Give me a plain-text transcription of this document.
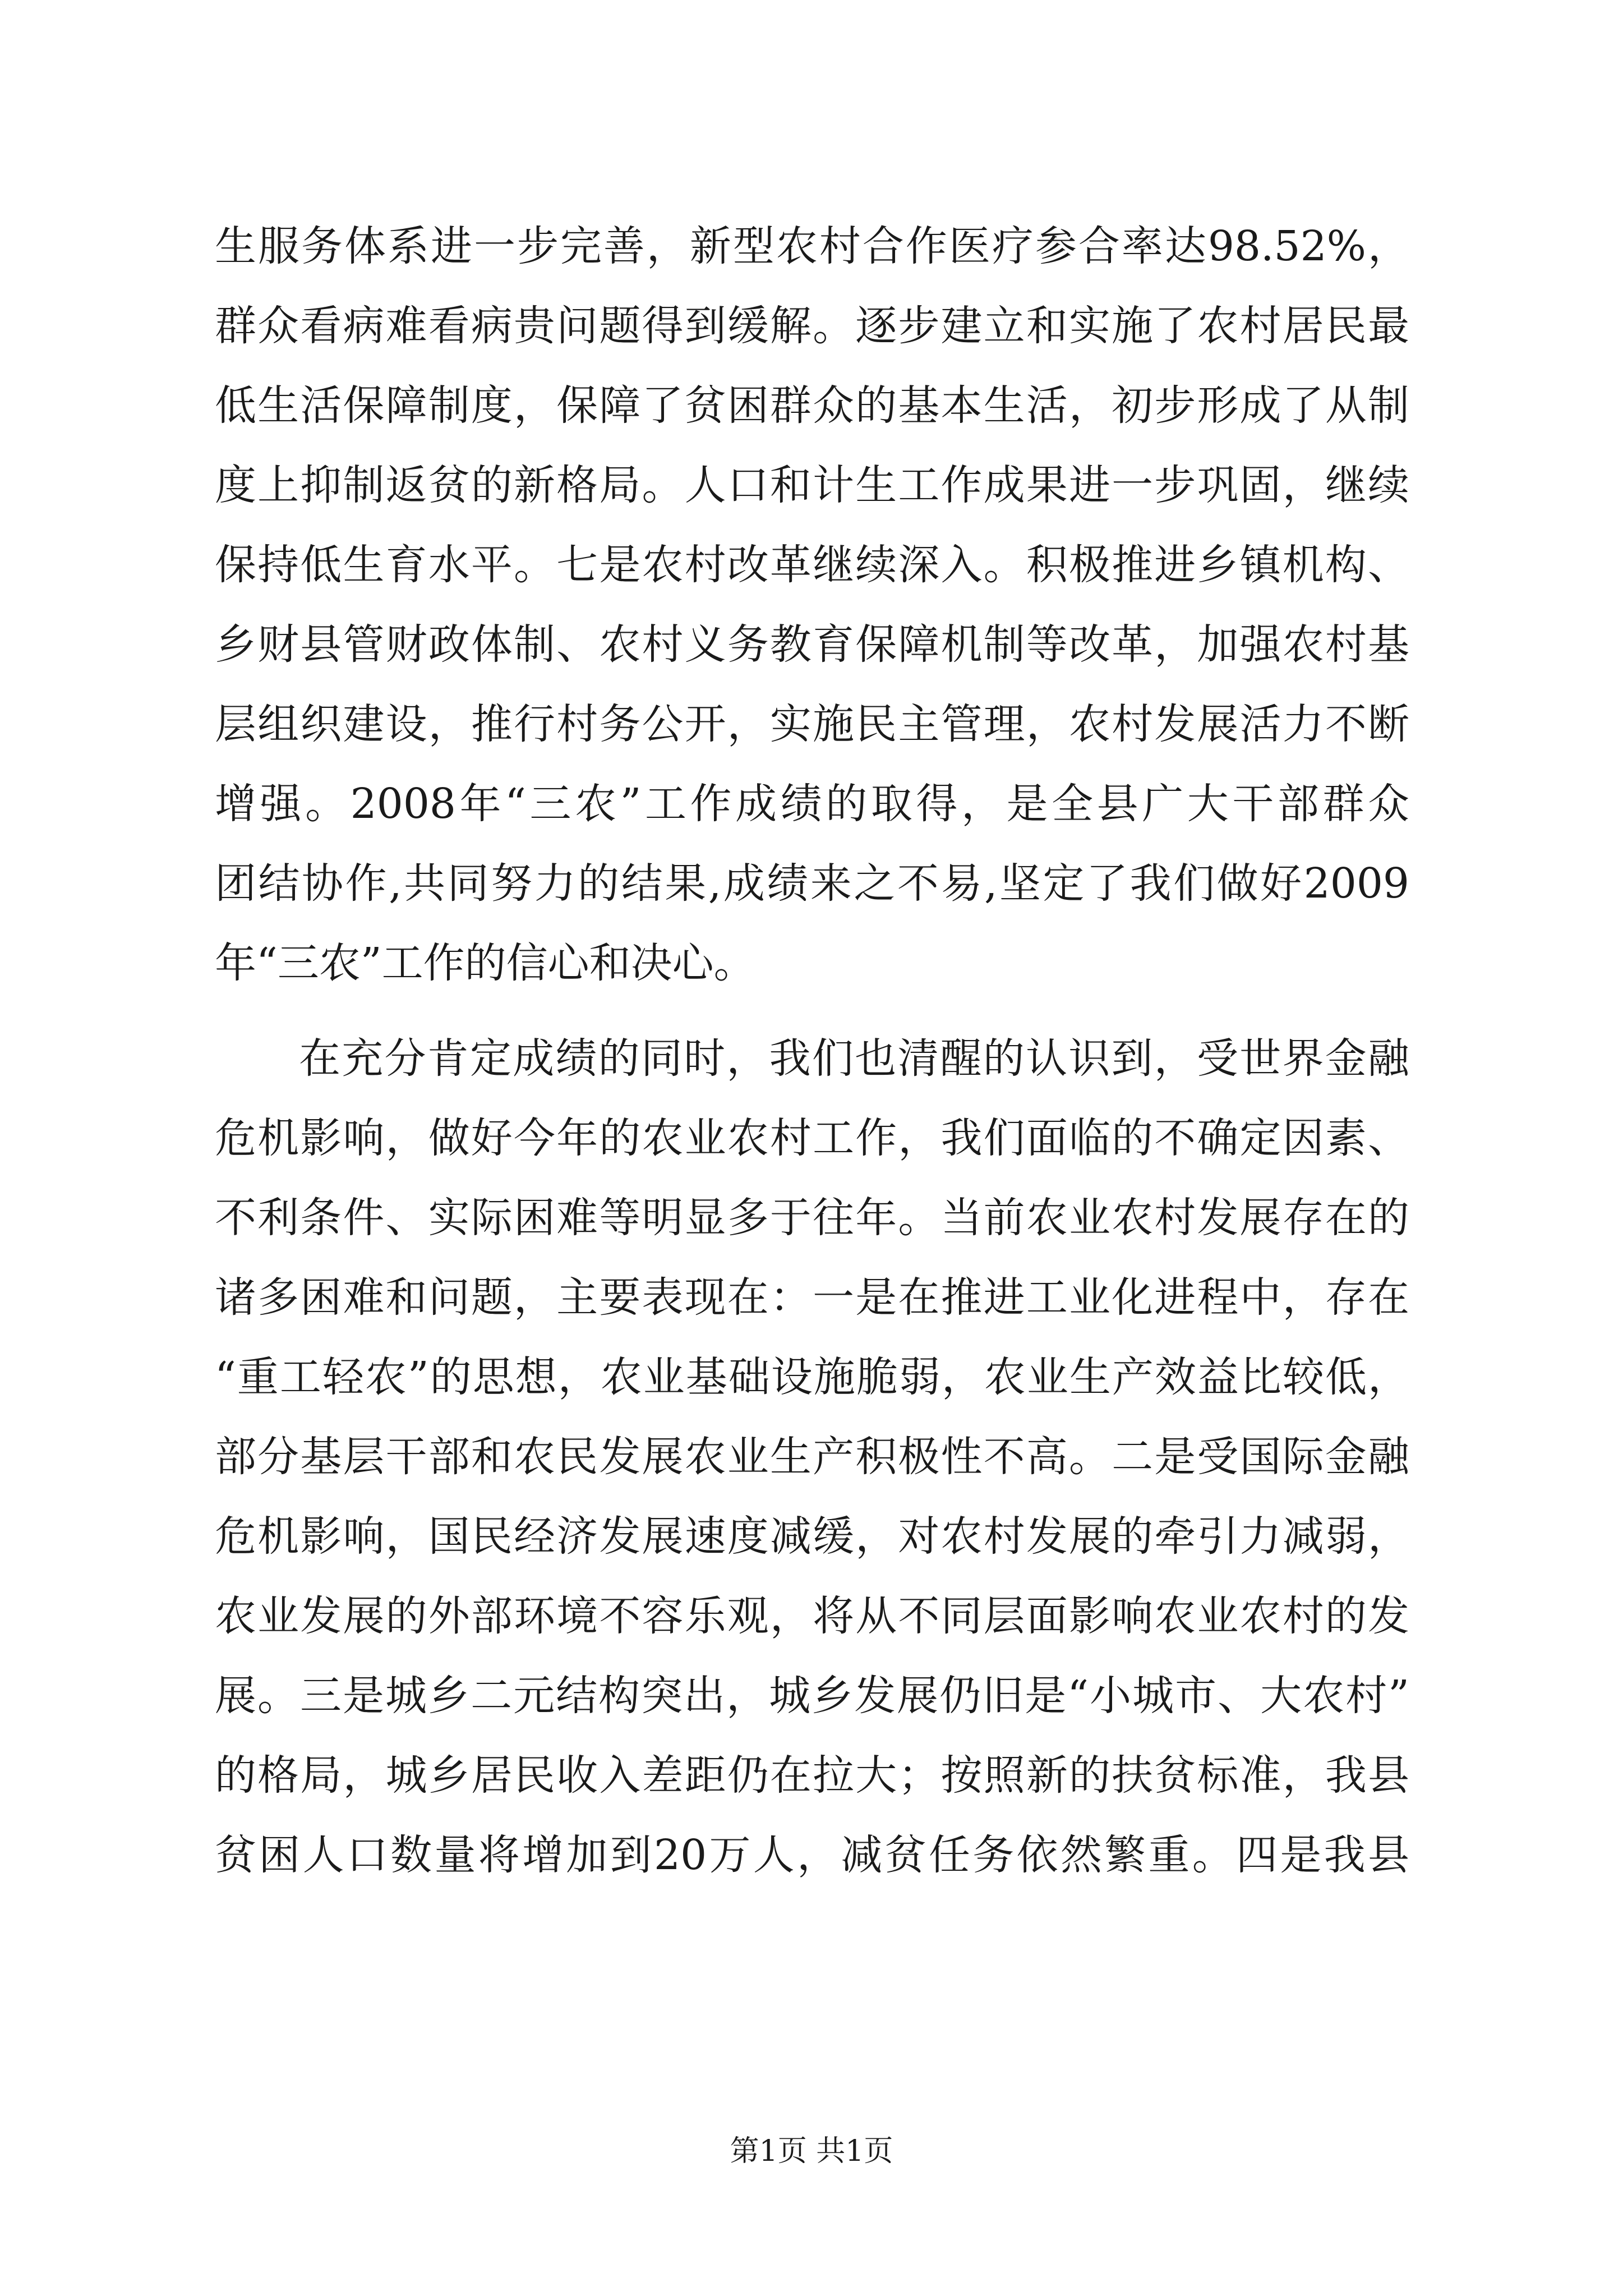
生服务体系进一步完善，新型农村合作医疗参合率达98.52%，
群众看病难看病贵问题得到缓解。逐步建立和实施了农村居民最
低生活保障制度，保障了贫困群众的基本生活，初步形成了从制
度上抑制返贫的新格局。人口和计生工作成果进一步巩固，继续
保持低生育水平。七是农村改革继续深入。积极推进乡镇机构、
乡财县管财政体制、农村义务教育保障机制等改革，加强农村基
层组织建设，推行村务公开，实施民主管理，农村发展活力不断
增强。2008年“三农”工作成绩的取得，是全县广大干部群众
团结协作,共同努力的结果,成绩来之不易,坚定了我们做好2009
年“三农”工作的信心和决心。
在充分肯定成绩的同时，我们也清醒的认识到，受世界金融
危机影响，做好今年的农业农村工作，我们面临的不确定因素、
不利条件、实际困难等明显多于往年。当前农业农村发展存在的
诸多困难和问题，主要表现在：一是在推进工业化进程中，存在
“重工轻农”的思想，农业基础设施脆弱，农业生产效益比较低，
部分基层干部和农民发展农业生产积极性不高。二是受国际金融
危机影响，国民经济发展速度减缓，对农村发展的牵引力减弱，
农业发展的外部环境不容乐观，将从不同层面影响农业农村的发
展。三是城乡二元结构突出，城乡发展仍旧是“小城市、大农村”
的格局，城乡居民收入差距仍在拉大；按照新的扶贫标准，我县
贫困人口数量将增加到20万人，减贫任务依然繁重。四是我县
第1页 共1页
